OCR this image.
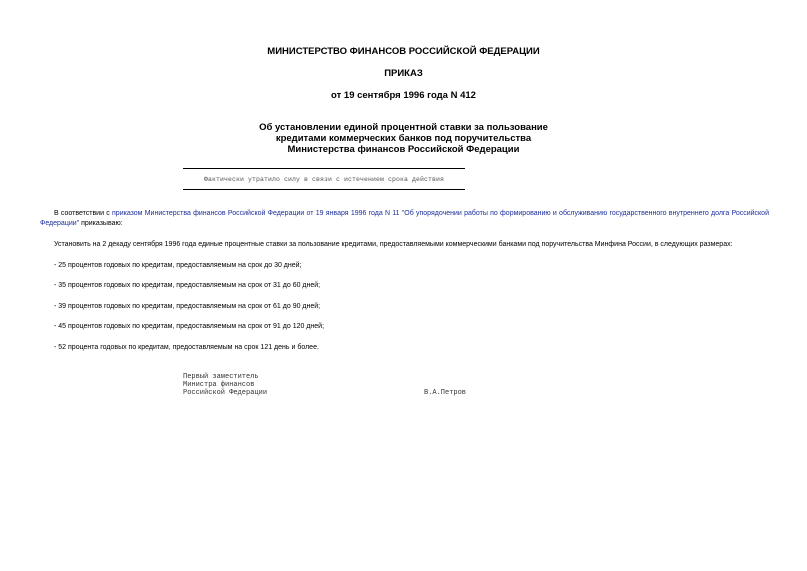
МИНИСТЕРСТВО ФИНАНСОВ РОССИЙСКОЙ ФЕДЕРАЦИИ
ПРИКАЗ
от 19 сентября 1996 года N 412
Об установлении единой процентной ставки за пользование
кредитами коммерческих банков под поручительства
Министерства финансов Российской Федерации
Фактически утратило силу в связи с истечением срока действия
В соответствии с приказом Министерства финансов Российской Федерации от 19 января 1996 года N 11 "Об упорядочении работы по формированию и обслуживанию государственного внутреннего долга Российской Федерации" приказываю:
Установить на 2 декаду сентября 1996 года единые процентные ставки за пользование кредитами, предоставляемыми коммерческими банками под поручительства Минфина России, в следующих размерах:
- 25 процентов годовых по кредитам, предоставляемым на срок до 30 дней;
- 35 процентов годовых по кредитам, предоставляемым на срок от 31 до 60 дней;
- 39 процентов годовых по кредитам, предоставляемым на срок от 61 до 90 дней;
- 45 процентов годовых по кредитам, предоставляемым на срок от 91 до 120 дней;
- 52 процента годовых по кредитам, предоставляемым на срок 121 день и более.
Первый заместитель
Министра финансов
Российской Федерации	В.А.Петров
